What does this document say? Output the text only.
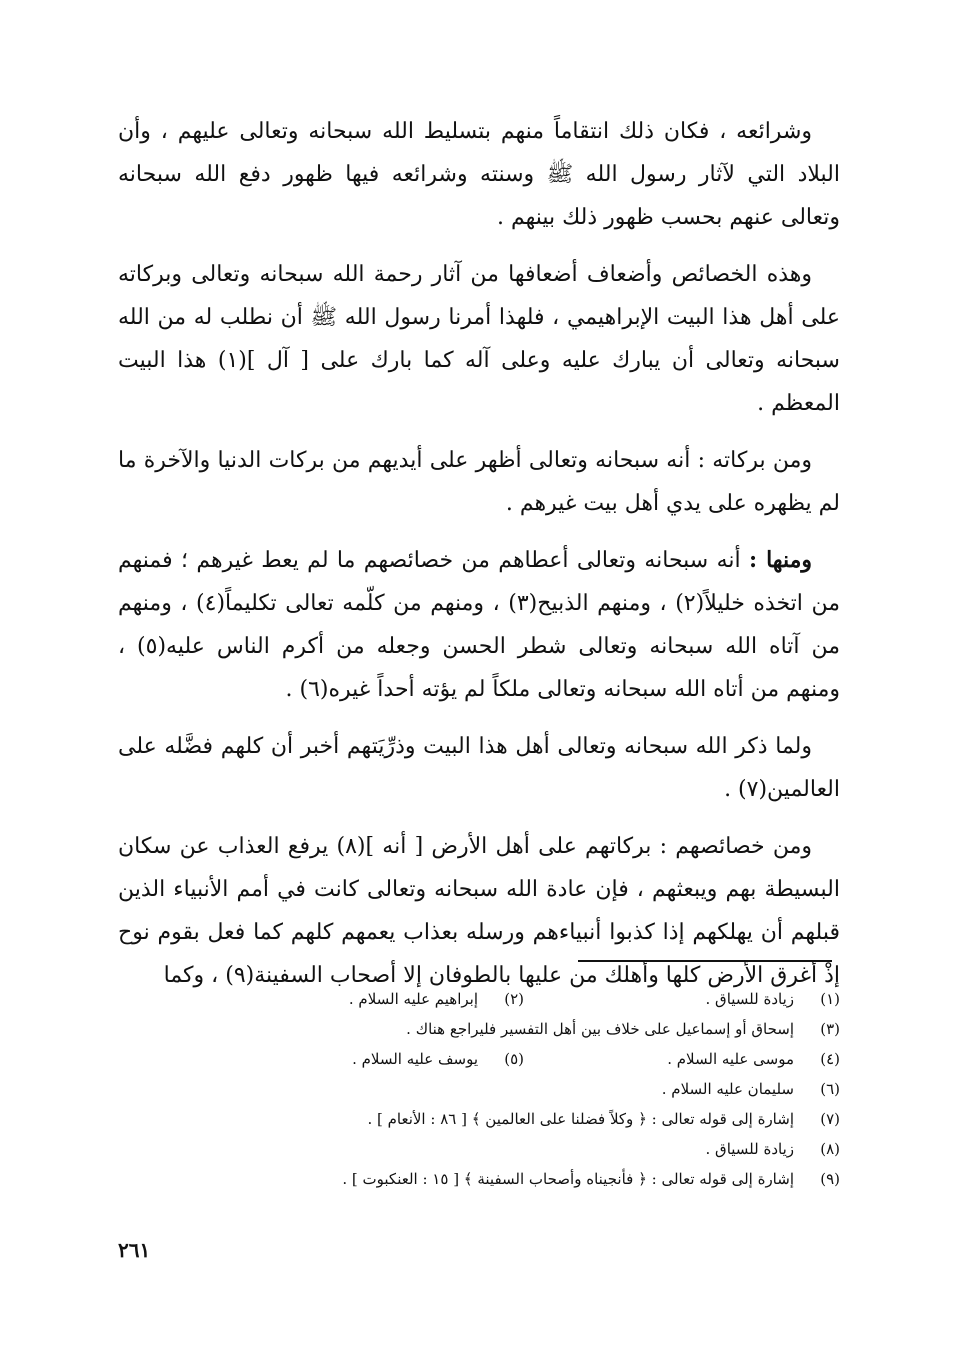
وشرائعه ، فكان ذلك انتقاماً منهم بتسليط الله سبحانه وتعالى عليهم ، وأن البلاد التي لآثار رسول الله ﷺ وسنته وشرائعه فيها ظهور دفع الله سبحانه وتعالى عنهم بحسب ظهور ذلك بينهم .

وهذه الخصائص وأضعاف أضعافها من آثار رحمة الله سبحانه وتعالى وبركاته على أهل هذا البيت الإبراهيمي ، فلهذا أمرنا رسول الله ﷺ أن نطلب له من الله سبحانه وتعالى أن يبارك عليه وعلى آله كما بارك على [ آل ](١) هذا البيت المعظم .

ومن بركاته : أنه سبحانه وتعالى أظهر على أيديهم من بركات الدنيا والآخرة ما لم يظهره على يدي أهل بيت غيرهم .

ومنها : أنه سبحانه وتعالى أعطاهم من خصائصهم ما لم يعط غيرهم ؛ فمنهم من اتخذه خليلاً(٢) ، ومنهم الذبيح(٣) ، ومنهم من كلّمه تعالى تكليماً(٤) ، ومنهم من آتاه الله سبحانه وتعالى شطر الحسن وجعله من أكرم الناس عليه(٥) ، ومنهم من أتاه الله سبحانه وتعالى ملكاً لم يؤته أحداً غيره(٦) .

ولما ذكر الله سبحانه وتعالى أهل هذا البيت وذرِّيَتهم أخبر أن كلهم فضَّله على العالمين(٧) .

ومن خصائصهم : بركاتهم على أهل الأرض [ أنه ](٨) يرفع العذاب عن سكان البسيطة بهم ويبعثهم ، فإن عادة الله سبحانه وتعالى كانت في أمم الأنبياء الذين قبلهم أن يهلكهم إذا كذبوا أنبياءهم ورسله بعذاب يعمهم كلهم كما فعل بقوم نوح إذْ أغرق الأرض كلها وأهلك من عليها بالطوفان إلا أصحاب السفينة(٩) ، وكما

(١)
زيادة للسياق .
(٢)
إبراهيم عليه السلام .
(٣)
إسحاق أو إسماعيل على خلاف بين أهل التفسير فليراجع هناك .
(٤)
موسى عليه السلام .
(٥)
يوسف عليه السلام .
(٦)
سليمان عليه السلام .
(٧)
إشارة إلى قوله تعالى : ﴿ وكلاً فضلنا على العالمين ﴾ [ ٨٦ : الأنعام ] .
(٨)
زيادة للسياق .
(٩)
إشارة إلى قوله تعالى : ﴿ فأنجيناه وأصحاب السفينة ﴾ [ ١٥ : العنكبوت ] .
٢٦١
